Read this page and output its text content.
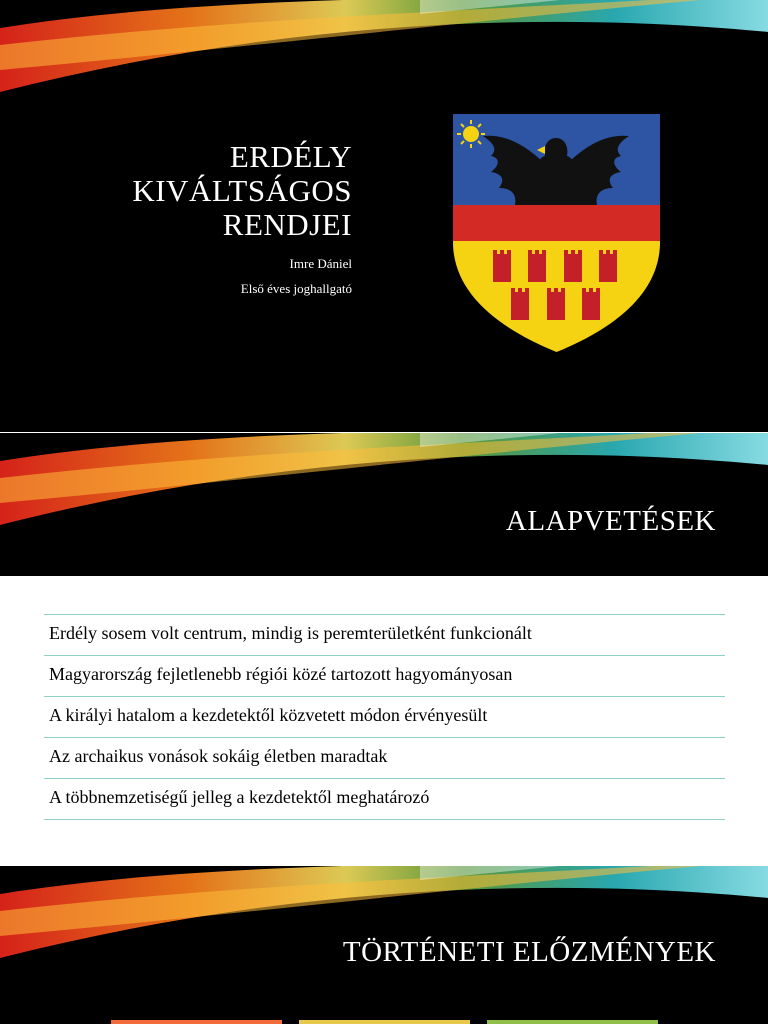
ERDÉLY
KIVÁLTSÁGOS
RENDJEI

Imre Dániel
Első éves joghallgató

ALAPVETÉSEK
Erdély sosem volt centrum, mindig is peremterületként funkcionált
Magyarország fejletlenebb régiói közé tartozott hagyományosan
A királyi hatalom a kezdetektől közvetett módon érvényesült
Az archaikus vonások sokáig életben maradtak
A többnemzetiségű jelleg a kezdetektől meghatározó
TÖRTÉNETI ELŐZMÉNYEK
